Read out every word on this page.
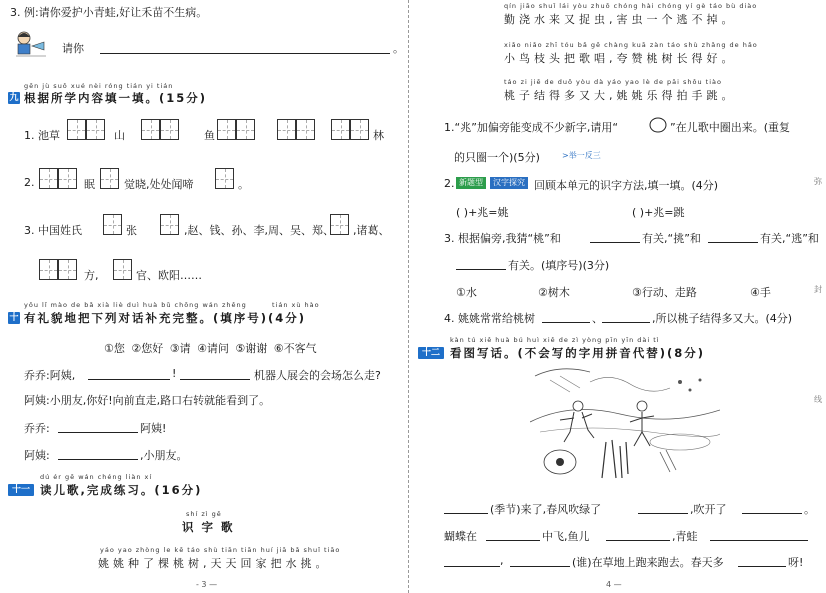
3. 例:请你爱护小青蛙,好让禾苗不生病。
请你	。
gēn jù suǒ xué nèi róng tián yi tián
九 根据所学内容填一填。(15分)
1. 池草	山	鱼	林
2.	眠	觉晓,处处闻啼	。
3. 中国姓氏	张	,赵、钱、孙、李,周、吴、郑、 ,诸葛、
方,	官、欧阳……
yǒu lǐ mào de bǎ xià liè duì huà bǔ chōng wán zhěng	tián xù hào
十 有礼貌地把下列对话补充完整。(填序号)(4分)
①您 ②您好 ③请 ④请问 ⑤谢谢 ⑥不客气
乔乔:阿姨,	!	机器人展会的会场怎么走?
阿姨:小朋友,你好!向前直走,路口右转就能看到了。
乔乔:	阿姨!
阿姨:	,小朋友。
dú ér gē wán chéng liàn xí
十一 读儿歌,完成练习。(16分)
shí zì gē
识字歌
yáo yao zhòng le kē táo shù tiān tiān huí jiā bǎ shuǐ tiāo
姚姚种了棵桃树,天天回家把水挑。
- 3 —
qín jiāo shuǐ lái yòu zhuō chóng hài chóng yí gè táo bù diào
勤浇水来又捉虫,害虫一个逃不掉。
xiǎo niǎo zhī tóu bǎ gē chàng kuā zàn táo shù zhǎng de hǎo
小鸟枝头把歌唱,夸赞桃树长得好。
táo zi jiē de duō yòu dà yáo yao lè de pāi shǒu tiào
桃子结得多又大,姚姚乐得拍手跳。
1.“兆”加偏旁能变成不少新字,请用“	”在儿歌中圈出来。(重复
的只圈一个)(5分)	>举一反三
2. 新题型	汉字探究 回顾本单元的识字方法,填一填。(4分)
( )+兆=姚	( )+兆=跳
3. 根据偏旁,我猜“桃”和	有关,“挑”和	有关,“逃”和
有关。(填序号)(3分)
①水	②树木	③行动、走路	④手
4. 姚姚常常给桃树	、	,所以桃子结得多又大。(4分)
kàn tú xiě huà bú huì xiě de zì yòng pīn yīn dài tì
十二 看图写话。(不会写的字用拼音代替)(8分)
(季节)来了,春风吹绿了	,吹开了	。
蝴蝶在	中飞,鱼儿	,青蛙
,	(谁)在草地上跑来跑去。春天多	呀!
弥
封
线
4 —
